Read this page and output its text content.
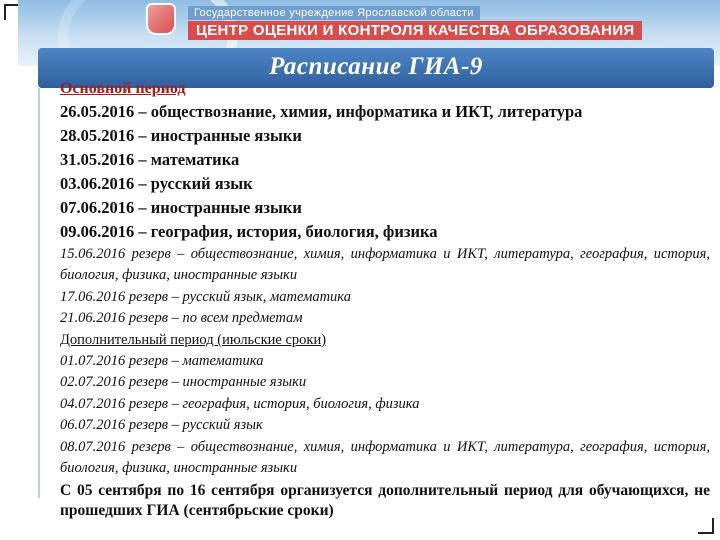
Государственное учреждение Ярославской области
ЦЕНТР ОЦЕНКИ И КОНТРОЛЯ КАЧЕСТВА ОБРАЗОВАНИЯ
Расписание ГИА-9
Основной период
26.05.2016 – обществознание, химия, информатика и ИКТ, литература
28.05.2016 – иностранные языки
31.05.2016 – математика
03.06.2016 – русский язык
07.06.2016 – иностранные языки
09.06.2016 – география, история, биология, физика
15.06.2016 резерв – обществознание, химия, информатика и ИКТ, литература, география, история, биология, физика, иностранные языки
17.06.2016 резерв – русский язык, математика
21.06.2016 резерв – по всем предметам
Дополнительный период (июльские сроки)
01.07.2016 резерв – математика
02.07.2016 резерв – иностранные языки
04.07.2016 резерв – география, история, биология, физика
06.07.2016 резерв – русский язык
08.07.2016 резерв – обществознание, химия, информатика и ИКТ, литература, география, история, биология, физика, иностранные языки
С 05 сентября по 16 сентября организуется дополнительный период для обучающихся, не прошедших ГИА (сентябрьские сроки)
